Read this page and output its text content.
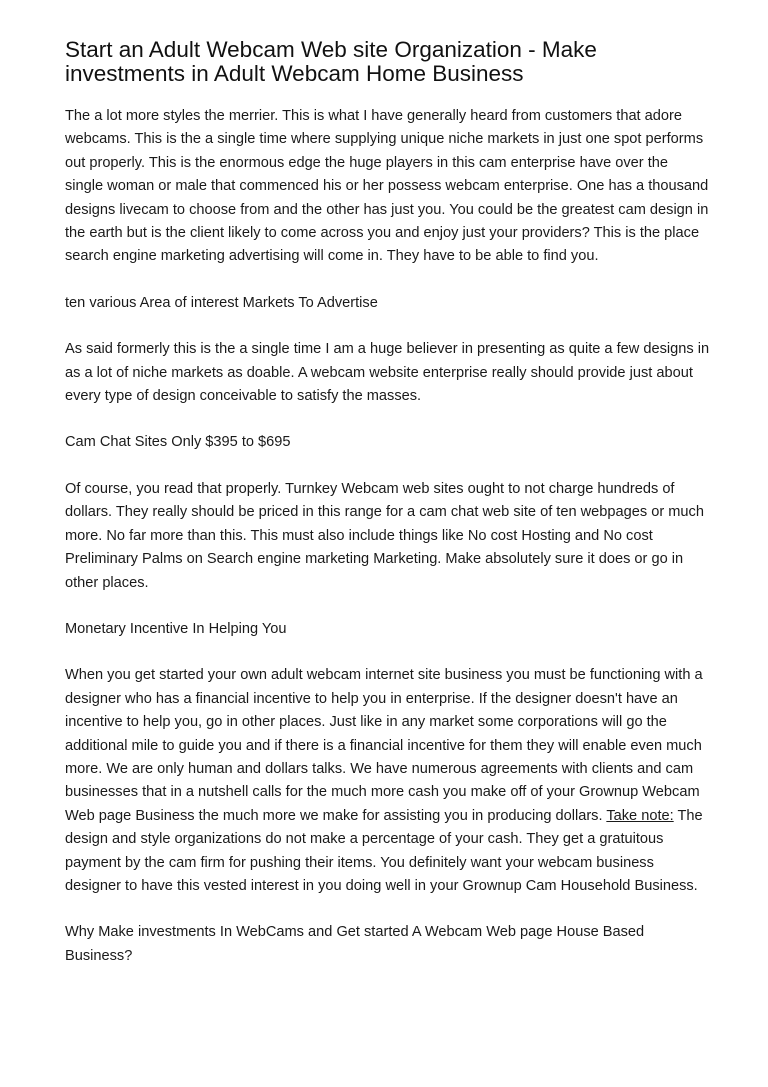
Start an Adult Webcam Web site Organization - Make investments in Adult Webcam Home Business

The a lot more styles the merrier. This is what I have generally heard from customers that adore webcams. This is the a single time where supplying unique niche markets in just one spot performs out properly. This is the enormous edge the huge players in this cam enterprise have over the single woman or male that commenced his or her possess webcam enterprise. One has a thousand designs livecam to choose from and the other has just you. You could be the greatest cam design in the earth but is the client likely to come across you and enjoy just your providers? This is the place search engine marketing advertising will come in. They have to be able to find you.

ten various Area of interest Markets To Advertise

As said formerly this is the a single time I am a huge believer in presenting as quite a few designs in as a lot of niche markets as doable. A webcam website enterprise really should provide just about every type of design conceivable to satisfy the masses.

Cam Chat Sites Only $395 to $695

Of course, you read that properly. Turnkey Webcam web sites ought to not charge hundreds of dollars. They really should be priced in this range for a cam chat web site of ten webpages or much more. No far more than this. This must also include things like No cost Hosting and No cost Preliminary Palms on Search engine marketing Marketing. Make absolutely sure it does or go in other places.

Monetary Incentive In Helping You

When you get started your own adult webcam internet site business you must be functioning with a designer who has a financial incentive to help you in enterprise. If the designer doesn't have an incentive to help you, go in other places. Just like in any market some corporations will go the additional mile to guide you and if there is a financial incentive for them they will enable even much more. We are only human and dollars talks. We have numerous agreements with clients and cam businesses that in a nutshell calls for the much more cash you make off of your Grownup Webcam Web page Business the much more we make for assisting you in producing dollars. Take note: The design and style organizations do not make a percentage of your cash. They get a gratuitous payment by the cam firm for pushing their items. You definitely want your webcam business designer to have this vested interest in you doing well in your Grownup Cam Household Business.

Why Make investments In WebCams and Get started A Webcam Web page House Based Business?
